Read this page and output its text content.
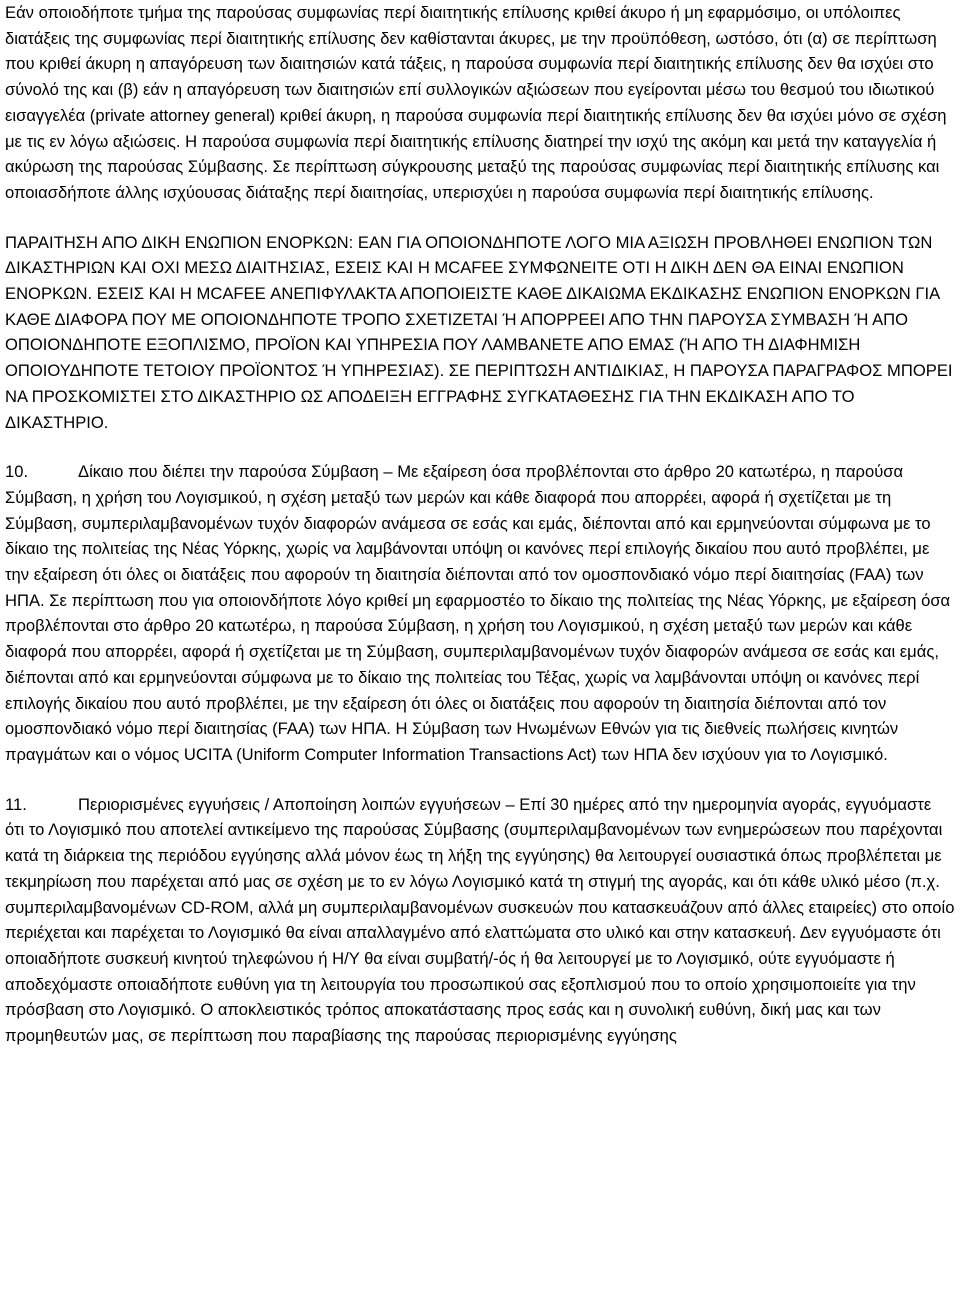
Εάν οποιοδήποτε τμήμα της παρούσας συμφωνίας περί διαιτητικής επίλυσης κριθεί άκυρο ή μη εφαρμόσιμο, οι υπόλοιπες διατάξεις της συμφωνίας περί διαιτητικής επίλυσης δεν καθίστανται άκυρες, με την προϋπόθεση, ωστόσο, ότι (α) σε περίπτωση που κριθεί άκυρη η απαγόρευση των διαιτησιών κατά τάξεις, η παρούσα συμφωνία περί διαιτητικής επίλυσης δεν θα ισχύει στο σύνολό της και (β) εάν η απαγόρευση των διαιτησιών επί συλλογικών αξιώσεων που εγείρονται μέσω του θεσμού του ιδιωτικού εισαγγελέα (private attorney general) κριθεί άκυρη, η παρούσα συμφωνία περί διαιτητικής επίλυσης δεν θα ισχύει μόνο σε σχέση με τις εν λόγω αξιώσεις. Η παρούσα συμφωνία περί διαιτητικής επίλυσης διατηρεί την ισχύ της ακόμη και μετά την καταγγελία ή ακύρωση της παρούσας Σύμβασης. Σε περίπτωση σύγκρουσης μεταξύ της παρούσας συμφωνίας περί διαιτητικής επίλυσης και οποιασδήποτε άλλης ισχύουσας διάταξης περί διαιτησίας, υπερισχύει η παρούσα συμφωνία περί διαιτητικής επίλυσης.

ΠΑΡΑΙΤΗΣΗ ΑΠΟ ΔΙΚΗ ΕΝΩΠΙΟΝ ΕΝΟΡΚΩΝ: ΕΑΝ ΓΙΑ ΟΠΟΙΟΝΔΗΠΟΤΕ ΛΟΓΟ ΜΙΑ ΑΞΙΩΣΗ ΠΡΟΒΛΗΘΕΙ ΕΝΩΠΙΟΝ ΤΩΝ ΔΙΚΑΣΤΗΡΙΩΝ ΚΑΙ ΟΧΙ ΜΕΣΩ ΔΙΑΙΤΗΣΙΑΣ, ΕΣΕΙΣ ΚΑΙ Η MCAFEE ΣΥΜΦΩΝΕΙΤΕ ΟΤΙ Η ΔΙΚΗ ΔΕΝ ΘΑ ΕΙΝΑΙ ΕΝΩΠΙΟΝ ΕΝΟΡΚΩΝ. ΕΣΕΙΣ ΚΑΙ Η MCAFEE ΑΝΕΠΙΦΥΛΑΚΤΑ ΑΠΟΠΟΙΕΙΣΤΕ ΚΑΘΕ ΔΙΚΑΙΩΜΑ ΕΚΔΙΚΑΣΗΣ ΕΝΩΠΙΟΝ ΕΝΟΡΚΩΝ ΓΙΑ ΚΑΘΕ ΔΙΑΦΟΡΑ ΠΟΥ ΜΕ ΟΠΟΙΟΝΔΗΠΟΤΕ ΤΡΟΠΟ ΣΧΕΤΙΖΕΤΑΙ Ή ΑΠΟΡΡΕΕΙ ΑΠΟ ΤΗΝ ΠΑΡΟΥΣΑ ΣΥΜΒΑΣΗ Ή ΑΠΟ ΟΠΟΙΟΝΔΗΠΟΤΕ ΕΞΟΠΛΙΣΜΟ, ΠΡΟΪΟΝ ΚΑΙ ΥΠΗΡΕΣΙΑ ΠΟΥ ΛΑΜΒΑΝΕΤΕ ΑΠΟ ΕΜΑΣ (Ή ΑΠΟ ΤΗ ΔΙΑΦΗΜΙΣΗ ΟΠΟΙΟΥΔΗΠΟΤΕ ΤΕΤΟΙΟΥ ΠΡΟΪΟΝΤΟΣ Ή ΥΠΗΡΕΣΙΑΣ). ΣΕ ΠΕΡΙΠΤΩΣΗ ΑΝΤΙΔΙΚΙΑΣ, Η ΠΑΡΟΥΣΑ ΠΑΡΑΓΡΑΦΟΣ ΜΠΟΡΕΙ ΝΑ ΠΡΟΣΚΟΜΙΣΤΕΙ ΣΤΟ ΔΙΚΑΣΤΗΡΙΟ ΩΣ ΑΠΟΔΕΙΞΗ ΕΓΓΡΑΦΗΣ ΣΥΓΚΑΤΑΘΕΣΗΣ ΓΙΑ ΤΗΝ ΕΚΔΙΚΑΣΗ ΑΠΟ ΤΟ ΔΙΚΑΣΤΗΡΙΟ.

10.	Δίκαιο που διέπει την παρούσα Σύμβαση – Με εξαίρεση όσα προβλέπονται στο άρθρο 20 κατωτέρω, η παρούσα Σύμβαση, η χρήση του Λογισμικού, η σχέση μεταξύ των μερών και κάθε διαφορά που απορρέει, αφορά ή σχετίζεται με τη Σύμβαση, συμπεριλαμβανομένων τυχόν διαφορών ανάμεσα σε εσάς και εμάς, διέπονται από και ερμηνεύονται σύμφωνα με το δίκαιο της πολιτείας της Νέας Υόρκης, χωρίς να λαμβάνονται υπόψη οι κανόνες περί επιλογής δικαίου που αυτό προβλέπει, με την εξαίρεση ότι όλες οι διατάξεις που αφορούν τη διαιτησία διέπονται από τον ομοσπονδιακό νόμο περί διαιτησίας (FAA) των ΗΠΑ. Σε περίπτωση που για οποιονδήποτε λόγο κριθεί μη εφαρμοστέο το δίκαιο της πολιτείας της Νέας Υόρκης, με εξαίρεση όσα προβλέπονται στο άρθρο 20 κατωτέρω, η παρούσα Σύμβαση, η χρήση του Λογισμικού, η σχέση μεταξύ των μερών και κάθε διαφορά που απορρέει, αφορά ή σχετίζεται με τη Σύμβαση, συμπεριλαμβανομένων τυχόν διαφορών ανάμεσα σε εσάς και εμάς, διέπονται από και ερμηνεύονται σύμφωνα με το δίκαιο της πολιτείας του Τέξας, χωρίς να λαμβάνονται υπόψη οι κανόνες περί επιλογής δικαίου που αυτό προβλέπει, με την εξαίρεση ότι όλες οι διατάξεις που αφορούν τη διαιτησία διέπονται από τον ομοσπονδιακό νόμο περί διαιτησίας (FAA) των ΗΠΑ. Η Σύμβαση των Ηνωμένων Εθνών για τις διεθνείς πωλήσεις κινητών πραγμάτων και ο νόμος UCITA (Uniform Computer Information Transactions Act) των ΗΠΑ δεν ισχύουν για το Λογισμικό.

11.	Περιορισμένες εγγυήσεις / Αποποίηση λοιπών εγγυήσεων – Επί 30 ημέρες από την ημερομηνία αγοράς, εγγυόμαστε ότι το Λογισμικό που αποτελεί αντικείμενο της παρούσας Σύμβασης (συμπεριλαμβανομένων των ενημερώσεων που παρέχονται κατά τη διάρκεια της περιόδου εγγύησης αλλά μόνον έως τη λήξη της εγγύησης) θα λειτουργεί ουσιαστικά όπως προβλέπεται με τεκμηρίωση που παρέχεται από μας σε σχέση με το εν λόγω Λογισμικό κατά τη στιγμή της αγοράς, και ότι κάθε υλικό μέσο (π.χ. συμπεριλαμβανομένων CD-ROM, αλλά μη συμπεριλαμβανομένων συσκευών που κατασκευάζουν από άλλες εταιρείες) στο οποίο περιέχεται και παρέχεται το Λογισμικό θα είναι απαλλαγμένο από ελαττώματα στο υλικό και στην κατασκευή. Δεν εγγυόμαστε ότι οποιαδήποτε συσκευή κινητού τηλεφώνου ή Η/Υ θα είναι συμβατή/-ός ή θα λειτουργεί με το Λογισμικό, ούτε εγγυόμαστε ή αποδεχόμαστε οποιαδήποτε ευθύνη για τη λειτουργία του προσωπικού σας εξοπλισμού που το οποίο χρησιμοποιείτε για την πρόσβαση στο Λογισμικό. Ο αποκλειστικός τρόπος αποκατάστασης προς εσάς και η συνολική ευθύνη, δική μας και των προμηθευτών μας, σε περίπτωση που παραβίασης της παρούσας περιορισμένης εγγύησης
